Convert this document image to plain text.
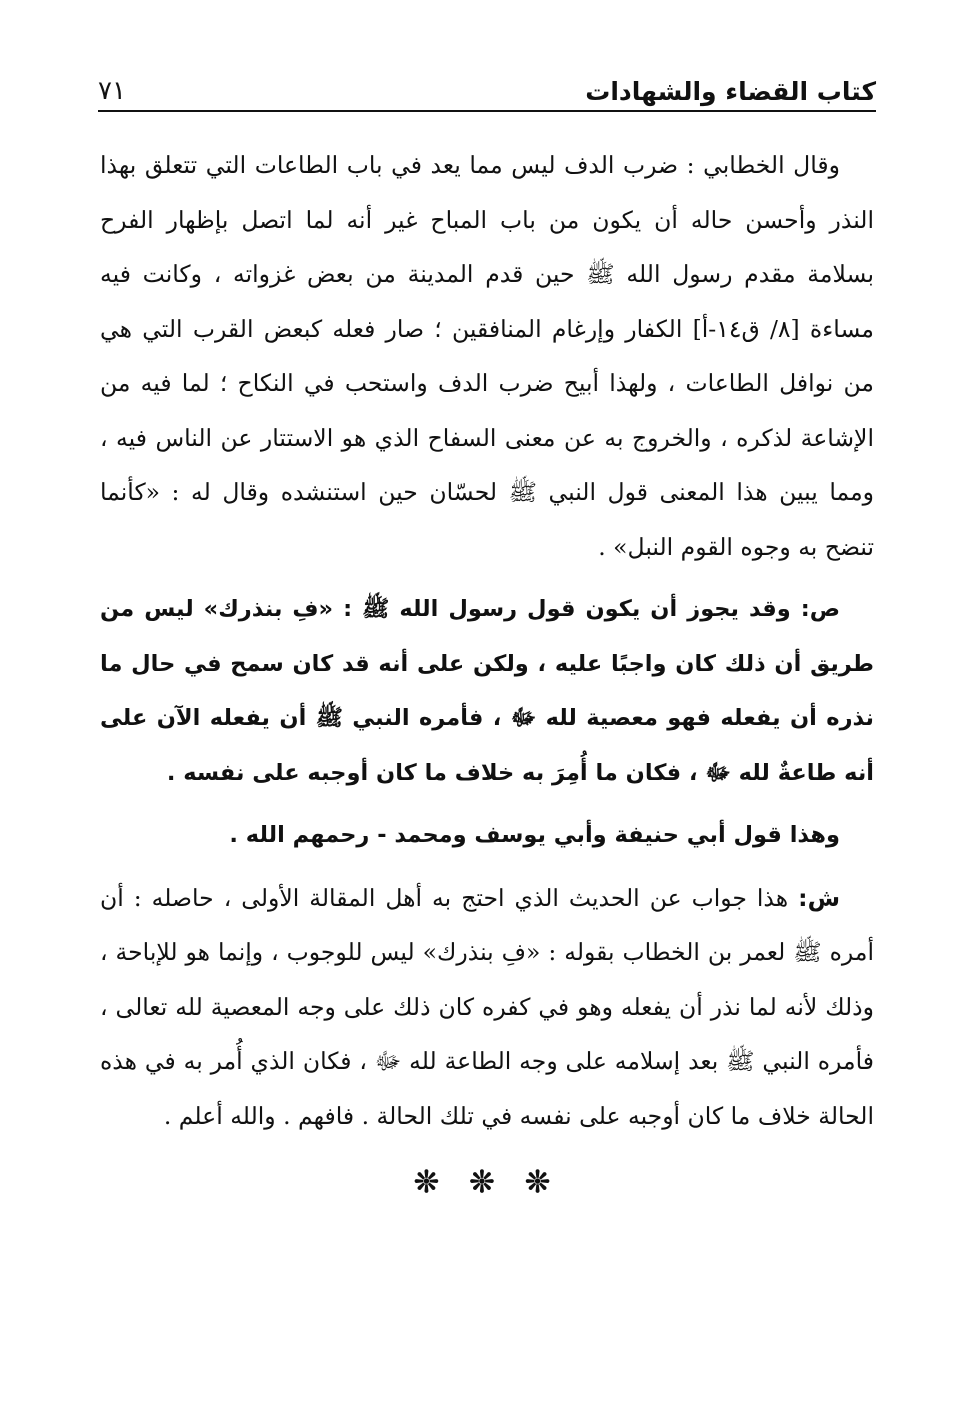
كتاب القضاء والشهادات
٧١

وقال الخطابي : ضرب الدف ليس مما يعد في باب الطاعات التي تتعلق بهذا النذر وأحسن حاله أن يكون من باب المباح غير أنه لما اتصل بإظهار الفرح بسلامة مقدم رسول الله ﷺ حين قدم المدينة من بعض غزواته ، وكانت فيه مساءة [٨/ ق١٤-أ] الكفار وإرغام المنافقين ؛ صار فعله كبعض القرب التي هي من نوافل الطاعات ، ولهذا أبيح ضرب الدف واستحب في النكاح ؛ لما فيه من الإشاعة لذكره ، والخروج به عن معنى السفاح الذي هو الاستتار عن الناس فيه ، ومما يبين هذا المعنى قول النبي ﷺ لحسّان حين استنشده وقال له : «كأنما تنضح به وجوه القوم النبل» .

ص: وقد يجوز أن يكون قول رسول الله ﷺ : «فِ بنذرك» ليس من طريق أن ذلك كان واجبًا عليه ، ولكن على أنه قد كان سمح في حال ما نذره أن يفعله فهو معصية لله ﷻ ، فأمره النبي ﷺ أن يفعله الآن على أنه طاعةٌ لله ﷻ ، فكان ما أُمِرَ به خلاف ما كان أوجبه على نفسه .

وهذا قول أبي حنيفة وأبي يوسف ومحمد - رحمهم الله .

ش: هذا جواب عن الحديث الذي احتج به أهل المقالة الأولى ، حاصله : أن أمره ﷺ لعمر بن الخطاب بقوله : «فِ بنذرك» ليس للوجوب ، وإنما هو للإباحة ، وذلك لأنه لما نذر أن يفعله وهو في كفره كان ذلك على وجه المعصية لله تعالى ، فأمره النبي ﷺ بعد إسلامه على وجه الطاعة لله ﷻ ، فكان الذي أُمر به في هذه الحالة خلاف ما كان أوجبه على نفسه في تلك الحالة . فافهم . والله أعلم .

❊ ❊ ❊
